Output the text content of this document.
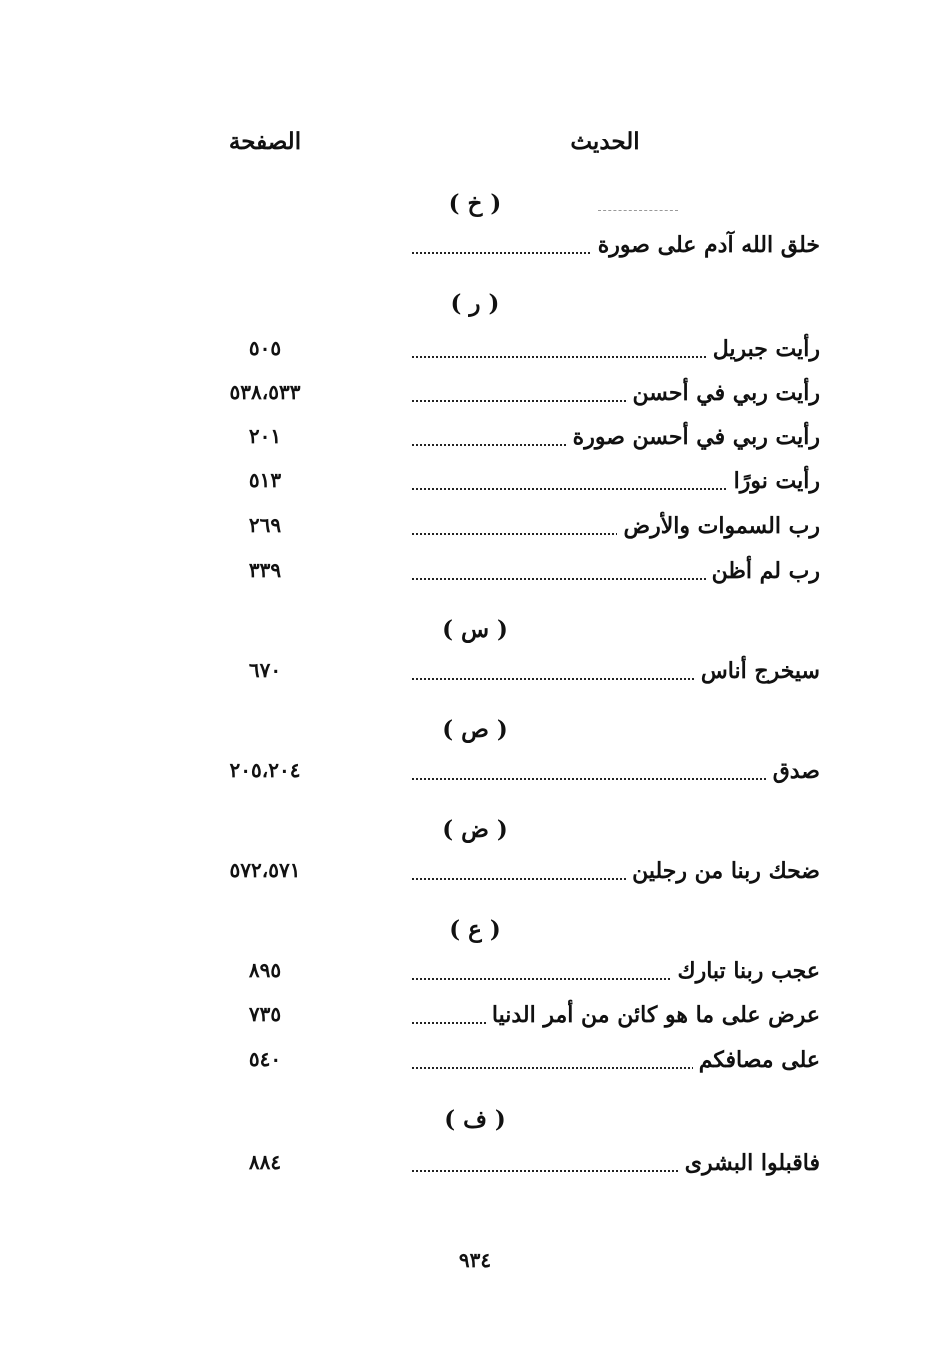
الحديث
الصفحة
( خ )
خلق الله آدم على صورة
( ر )
رأيت جبريل
٥٠٥
رأيت ربي في أحسن
٥٣٨،٥٣٣
رأيت ربي في أحسن صورة
٢٠١
رأيت نورًا
٥١٣
رب السموات والأرض
٢٦٩
رب لم أظن
٣٣٩
( س )
سيخرج أناس
٦٧٠
( ص )
صدق
٢٠٥،٢٠٤
( ض )
ضحك ربنا من رجلين
٥٧٢،٥٧١
( ع )
عجب ربنا تبارك
٨٩٥
عرض على ما هو كائن من أمر الدنيا
٧٣٥
على مصافكم
٥٤٠
( ف )
فاقبلوا البشرى
٨٨٤
٩٣٤
